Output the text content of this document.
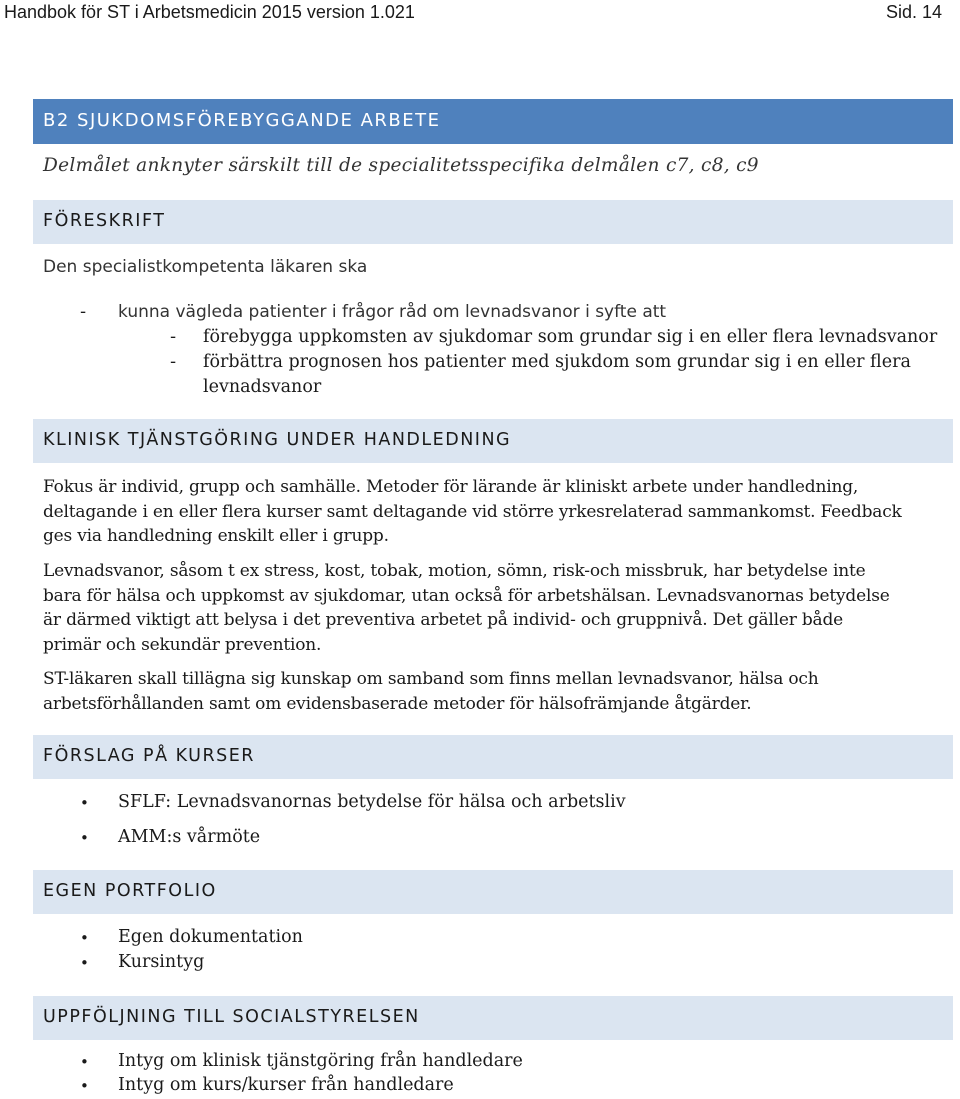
Handbok för ST i Arbetsmedicin 2015 version 1.021	Sid. 14
B2 SJUKDOMSFÖREBYGGANDE ARBETE
Delmålet anknyter särskilt till de specialitetsspecifika delmålen c7, c8, c9
FÖRESKRIFT
Den specialistkompetenta läkaren ska
- kunna vägleda patienter i frågor råd om levnadsvanor i syfte att
- förebygga uppkomsten av sjukdomar som grundar sig i en eller flera levnadsvanor
- förbättra prognosen hos patienter med sjukdom som grundar sig i en eller flera
levnadsvanor
KLINISK TJÄNSTGÖRING UNDER HANDLEDNING
Fokus är individ, grupp och samhälle. Metoder för lärande är kliniskt arbete under handledning,
deltagande i en eller flera kurser samt deltagande vid större yrkesrelaterad sammankomst. Feedback
ges via handledning enskilt eller i grupp.
Levnadsvanor, såsom t ex stress, kost, tobak, motion, sömn, risk-och missbruk, har betydelse inte
bara för hälsa och uppkomst av sjukdomar, utan också för arbetshälsan. Levnadsvanornas betydelse
är därmed viktigt att belysa i det preventiva arbetet på individ- och gruppnivå. Det gäller både
primär och sekundär prevention.
ST-läkaren skall tillägna sig kunskap om samband som finns mellan levnadsvanor, hälsa och
arbetsförhållanden samt om evidensbaserade metoder för hälsofrämjande åtgärder.
FÖRSLAG PÅ KURSER
• SFLF: Levnadsvanornas betydelse för hälsa och arbetsliv
• AMM:s vårmöte
EGEN PORTFOLIO
• Egen dokumentation
• Kursintyg
UPPFÖLJNING TILL SOCIALSTYRELSEN
• Intyg om klinisk tjänstgöring från handledare
• Intyg om kurs/kurser från handledare
